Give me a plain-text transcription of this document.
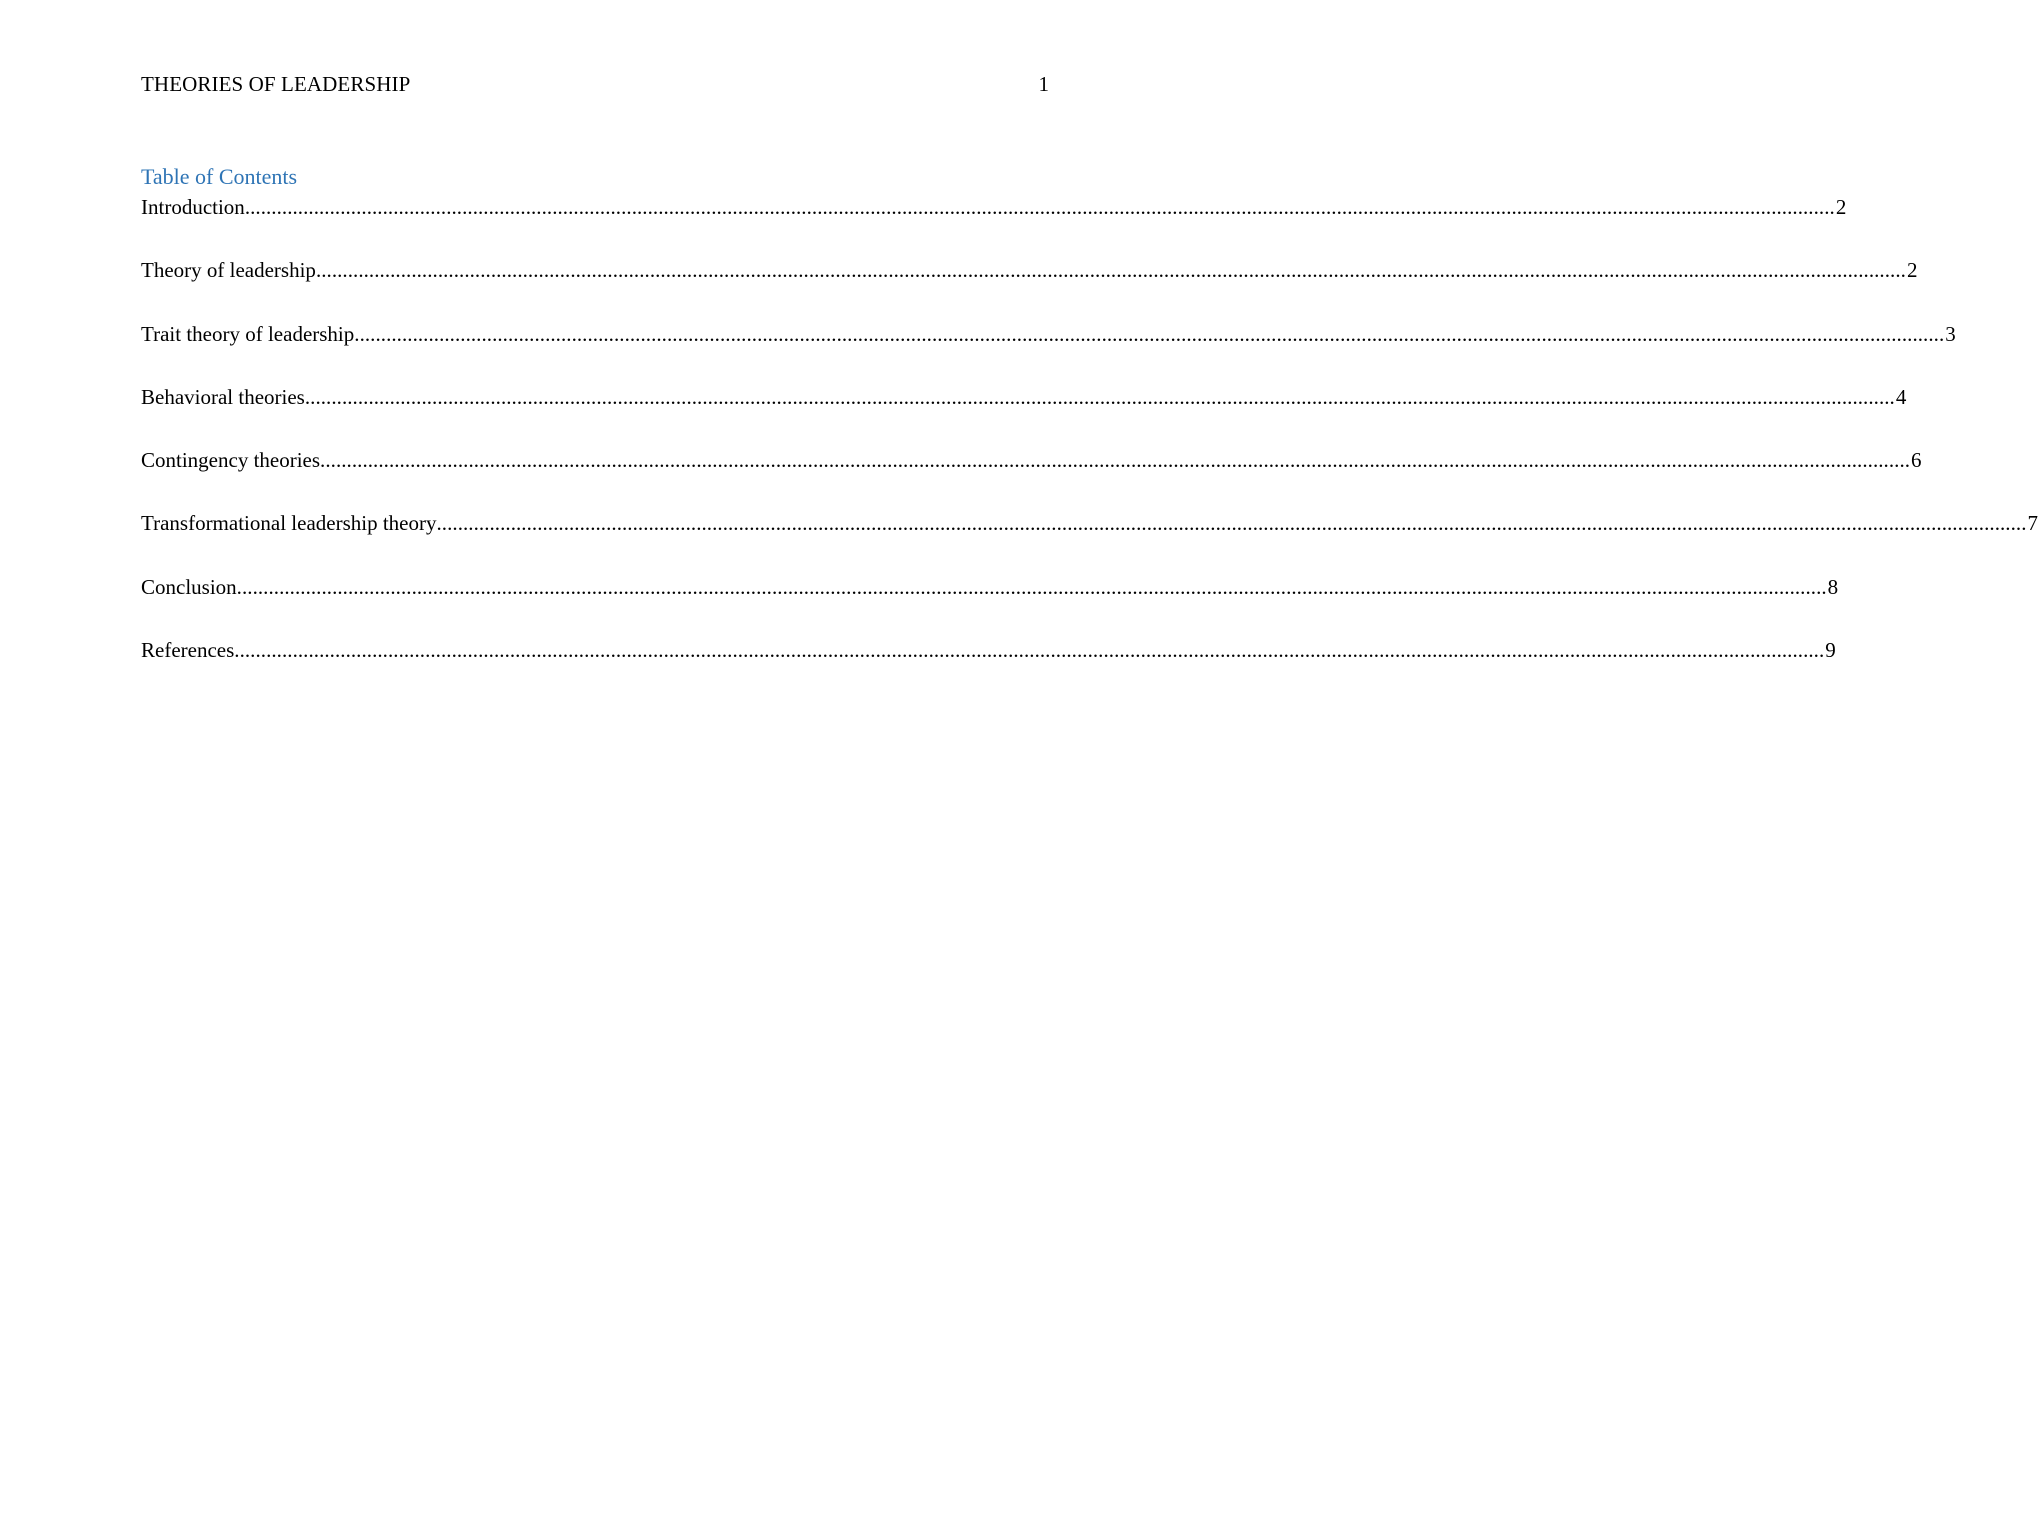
THEORIES OF LEADERSHIP	1
Table of Contents
Introduction ............................................................................................................................................................................................................................................................................................................ 2
Theory of leadership ............................................................................................................................................................................................................................................................................................................ 2
Trait theory of leadership ............................................................................................................................................................................................................................................................................................................ 3
Behavioral theories ............................................................................................................................................................................................................................................................................................................ 4
Contingency theories ............................................................................................................................................................................................................................................................................................................ 6
Transformational leadership theory ............................................................................................................................................................................................................................................................................................................ 7
Conclusion ............................................................................................................................................................................................................................................................................................................ 8
References ............................................................................................................................................................................................................................................................................................................ 9
